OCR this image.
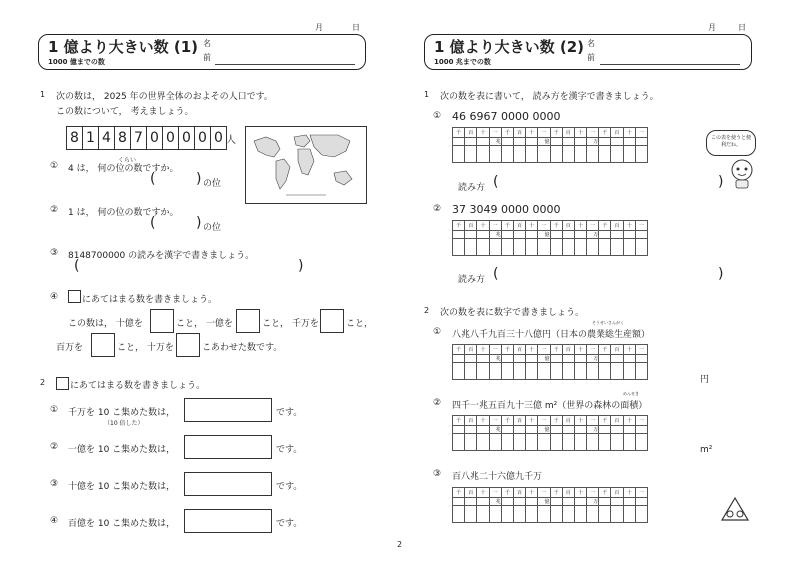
月	日
1 億より大きい数 (1)
1000 億までの数
名
前
1 次の数は， 2025 年の世界全体のおよその人口です。
この数について， 考えましょう。
8 1 4 8 7 0 0 0 0 0 人
① 4 は， 何の位の数ですか。
くらい
(	) の位
② 1 は， 何の位の数ですか。
(	) の位
③ 8148700000 の読みを漢字で書きましょう。
(	)
④	にあてはまる数を書きましょう。
この数は， 十億を	こと， 一億を	こと， 千万を	こと，
百万を	こと， 十万を	こあわせた数です。
2	にあてはまる数を書きましょう。
① 千万を 10 こ集めた数は，
（10 倍した）
です。
② 一億を 10 こ集めた数は，	です。
③ 十億を 10 こ集めた数は，	です。
④ 百億を 10 こ集めた数は，	です。
2
月	日
1 億より大きい数 (2)
1000 兆までの数
名
前
1 次の数を表に書いて， 読み方を漢字で書きましょう。
① 46 6967 0000 0000
千	百	十	一	千	百	十	一	千	百	十	一	千	百	十	一
			兆				億				万				

読み方 (	)
この表を使うと便利だね。
② 37 3049 0000 0000
千	百	十	一	千	百	十	一	千	百	十	一	千	百	十	一
			兆				億				万				

読み方 (	)
2 次の数を表に数字で書きましょう。
① 八兆八千九百三十八億円（日本の農業総生産額）
そうせいさんがく
千	百	十	一	千	百	十	一	千	百	十	一	千	百	十	一
			兆				億				万				

円
② 四千一兆五百九十三億 m²（世界の森林の面積）
めんせき
千	百	十	一	千	百	十	一	千	百	十	一	千	百	十	一
			兆				億				万				

m²
③ 百八兆二十六億九千万
千	百	十	一	千	百	十	一	千	百	十	一	千	百	十	一
			兆				億				万				
